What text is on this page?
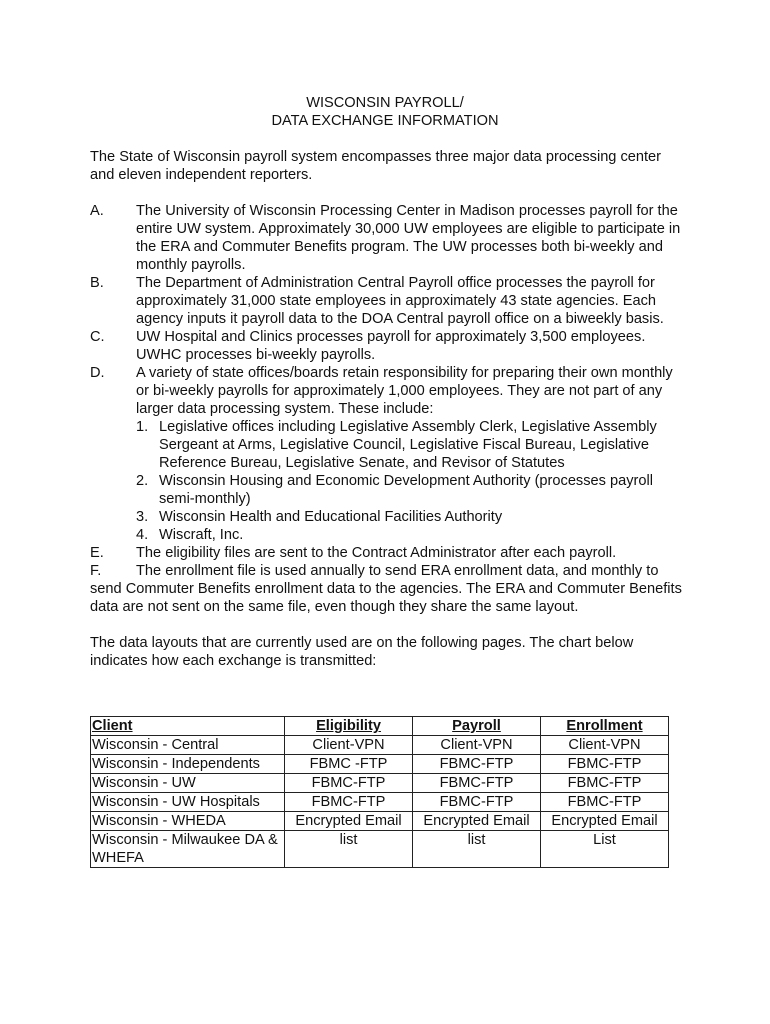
WISCONSIN PAYROLL/
DATA EXCHANGE INFORMATION
The State of Wisconsin payroll system encompasses three major data processing center and eleven independent reporters.
A.	The University of Wisconsin Processing Center in Madison processes payroll for the entire UW system. Approximately 30,000 UW employees are eligible to participate in the ERA and Commuter Benefits program. The UW processes both bi-weekly and monthly payrolls.
B.	The Department of Administration Central Payroll office processes the payroll for approximately 31,000 state employees in approximately 43 state agencies. Each agency inputs it payroll data to the DOA Central payroll office on a biweekly basis.
C.	UW Hospital and Clinics processes payroll for approximately 3,500 employees. UWHC processes bi-weekly payrolls.
D.	A variety of state offices/boards retain responsibility for preparing their own monthly or bi-weekly payrolls for approximately 1,000 employees. They are not part of any larger data processing system. These include:
1. Legislative offices including Legislative Assembly Clerk, Legislative Assembly Sergeant at Arms, Legislative Council, Legislative Fiscal Bureau, Legislative Reference Bureau, Legislative Senate, and Revisor of Statutes
2. Wisconsin Housing and Economic Development Authority (processes payroll semi-monthly)
3. Wisconsin Health and Educational Facilities Authority
4. Wiscraft, Inc.
E.	The eligibility files are sent to the Contract Administrator after each payroll.
F. The enrollment file is used annually to send ERA enrollment data, and monthly to send Commuter Benefits enrollment data to the agencies. The ERA and Commuter Benefits data are not sent on the same file, even though they share the same layout.
The data layouts that are currently used are on the following pages. The chart below indicates how each exchange is transmitted:
Client	Eligibility	Payroll	Enrollment
Wisconsin - Central	Client-VPN	Client-VPN	Client-VPN
Wisconsin - Independents	FBMC -FTP	FBMC-FTP	FBMC-FTP
Wisconsin - UW	FBMC-FTP	FBMC-FTP	FBMC-FTP
Wisconsin - UW Hospitals	FBMC-FTP	FBMC-FTP	FBMC-FTP
Wisconsin - WHEDA	Encrypted Email	Encrypted Email	Encrypted Email
Wisconsin - Milwaukee DA & WHEFA	list	list	List
